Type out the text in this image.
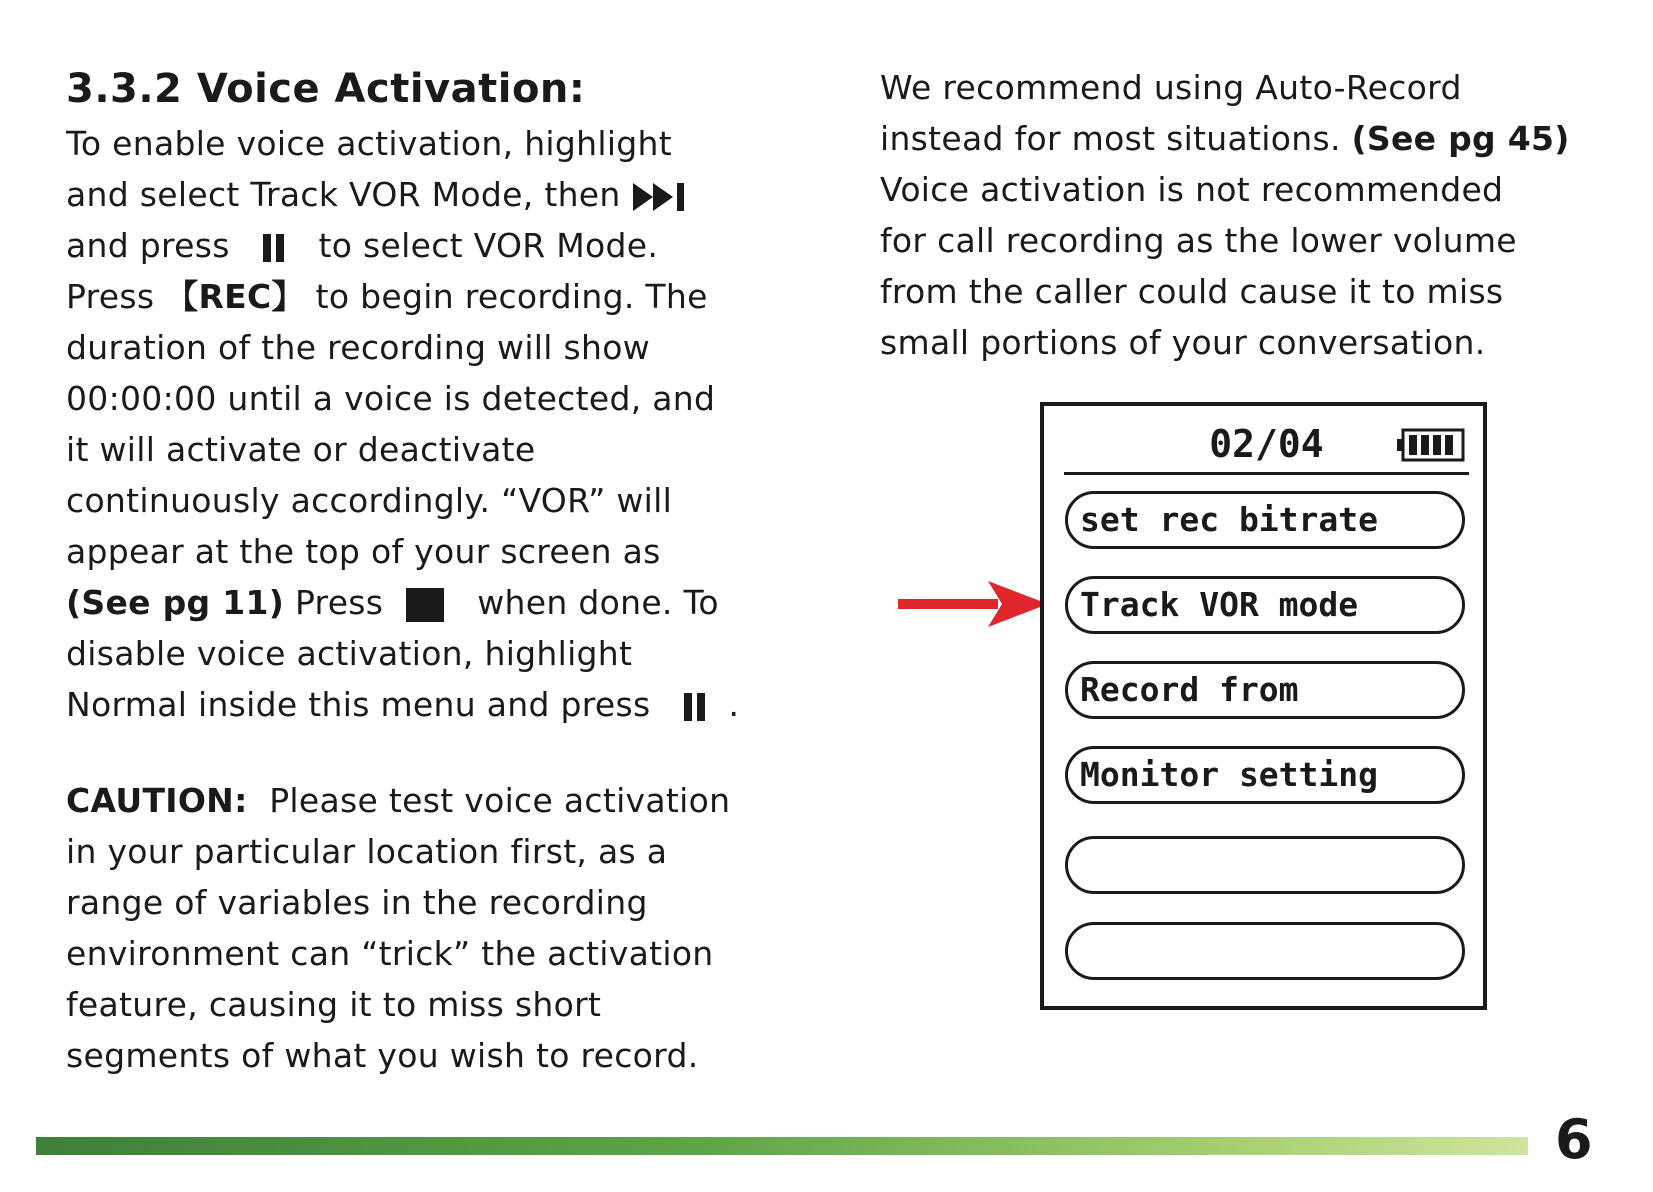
3.3.2 Voice Activation:
To enable voice activation, highlight
and select Track VOR Mode, then
and press	to select VOR Mode.
Press 【REC】 to begin recording. The
duration of the recording will show
00:00:00 until a voice is detected, and
it will activate or deactivate
continuously accordingly. “VOR” will
appear at the top of your screen as
(See pg 11) Press	when done. To
disable voice activation, highlight
Normal inside this menu and press .
CAUTION: Please test voice activation
in your particular location first, as a
range of variables in the recording
environment can “trick” the activation
feature, causing it to miss short
segments of what you wish to record.
We recommend using Auto-Record
instead for most situations. (See pg 45)
Voice activation is not recommended
for call recording as the lower volume
from the caller could cause it to miss
small portions of your conversation.
02/04
set rec bitrate
Track VOR mode
Record from
Monitor setting
6
